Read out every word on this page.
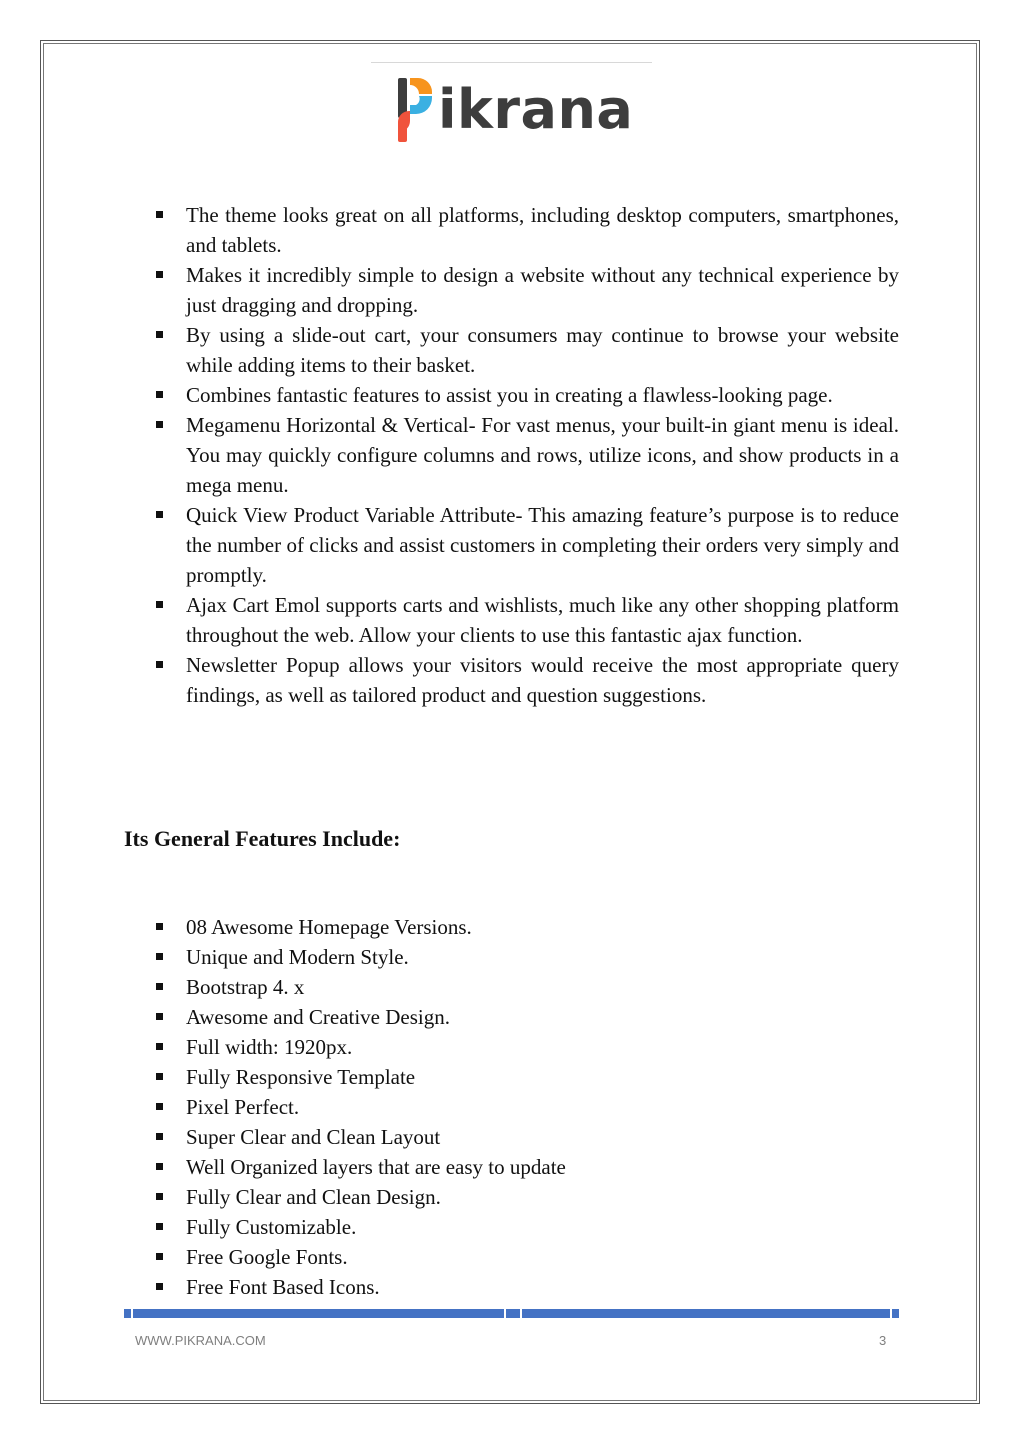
ikrana
The theme looks great on all platforms, including desktop computers, smartphones, and tablets.
Makes it incredibly simple to design a website without any technical experience by just dragging and dropping.
By using a slide-out cart, your consumers may continue to browse your website while adding items to their basket.
Combines fantastic features to assist you in creating a flawless-looking page.
Megamenu Horizontal & Vertical- For vast menus, your built-in giant menu is ideal. You may quickly configure columns and rows, utilize icons, and show products in a mega menu.
Quick View Product Variable Attribute- This amazing feature’s purpose is to reduce the number of clicks and assist customers in completing their orders very simply and promptly.
Ajax Cart Emol supports carts and wishlists, much like any other shopping platform throughout the web. Allow your clients to use this fantastic ajax function.
Newsletter Popup allows your visitors would receive the most appropriate query findings, as well as tailored product and question suggestions.
Its General Features Include:
08 Awesome Homepage Versions.
Unique and Modern Style.
Bootstrap 4. x
Awesome and Creative Design.
Full width: 1920px.
Fully Responsive Template
Pixel Perfect.
Super Clear and Clean Layout
Well Organized layers that are easy to update
Fully Clear and Clean Design.
Fully Customizable.
Free Google Fonts.
Free Font Based Icons.
WWW.PIKRANA.COM	3
